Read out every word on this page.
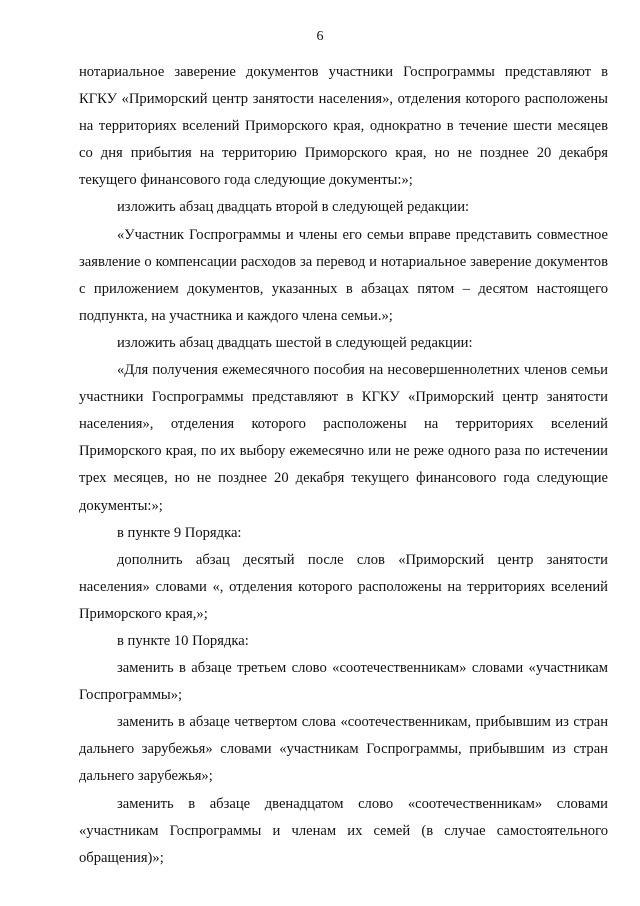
6

нотариальное заверение документов участники Госпрограммы представляют в КГКУ «Приморский центр занятости населения», отделения которого расположены на территориях вселений Приморского края, однократно в течение шести месяцев со дня прибытия на территорию Приморского края, но не позднее 20 декабря текущего финансового года следующие документы:»;

изложить абзац двадцать второй в следующей редакции:

«Участник Госпрограммы и члены его семьи вправе представить совместное заявление о компенсации расходов за перевод и нотариальное заверение документов с приложением документов, указанных в абзацах пятом – десятом настоящего подпункта, на участника и каждого члена семьи.»;

изложить абзац двадцать шестой в следующей редакции:

«Для получения ежемесячного пособия на несовершеннолетних членов семьи участники Госпрограммы представляют в КГКУ «Приморский центр занятости населения», отделения которого расположены на территориях вселений Приморского края, по их выбору ежемесячно или не реже одного раза по истечении трех месяцев, но не позднее 20 декабря текущего финансового года следующие документы:»;

в пункте 9 Порядка:

дополнить абзац десятый после слов «Приморский центр занятости населения» словами «, отделения которого расположены на территориях вселений Приморского края,»;

в пункте 10 Порядка:

заменить в абзаце третьем слово «соотечественникам» словами «участникам Госпрограммы»;

заменить в абзаце четвертом слова «соотечественникам, прибывшим из стран дальнего зарубежья» словами «участникам Госпрограммы, прибывшим из стран дальнего зарубежья»;

заменить в абзаце двенадцатом слово «соотечественникам» словами «участникам Госпрограммы и членам их семей (в случае самостоятельного обращения)»;
